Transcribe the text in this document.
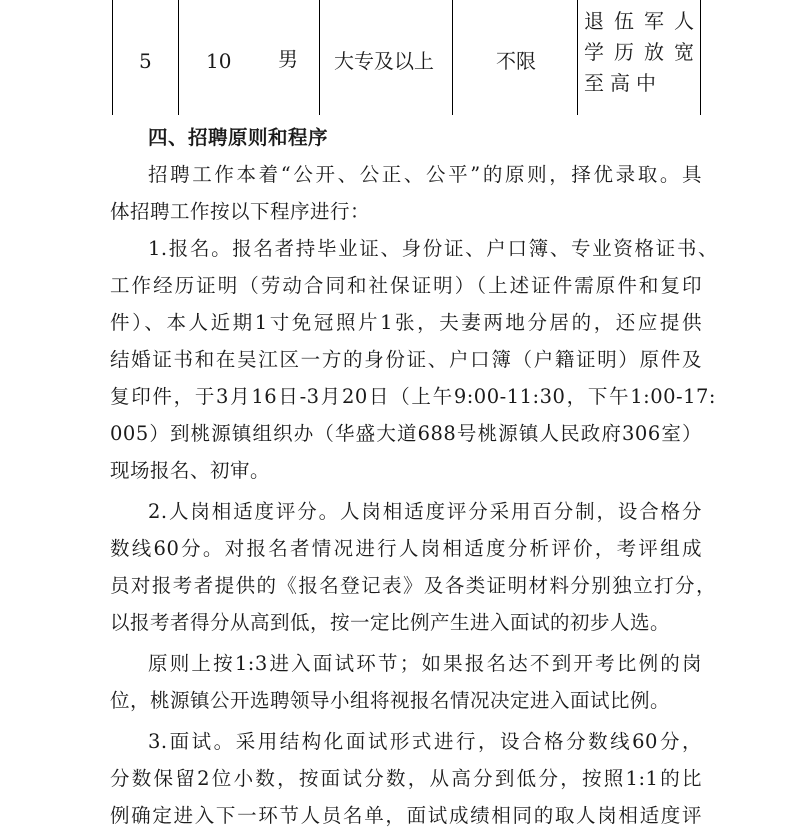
5	10 男 大专及以上	不限
退伍军人
学历放宽
至高中
四、招聘原则和程序
招聘工作本着“公开、公正、公平”的原则，择优录取。具
体招聘工作按以下程序进行：
1.报名。报名者持毕业证、身份证、户口簿、专业资格证书、
工作经历证明（劳动合同和社保证明）（上述证件需原件和复印
件）、本人近期1寸免冠照片1张，夫妻两地分居的，还应提供
结婚证书和在吴江区一方的身份证、户口簿（户籍证明）原件及
复印件，于3月16日-3月20日（上午9:00-11:30，下午1:00-17:
005）到桃源镇组织办（华盛大道688号桃源镇人民政府306室）
现场报名、初审。
2.人岗相适度评分。人岗相适度评分采用百分制，设合格分
数线60分。对报名者情况进行人岗相适度分析评价，考评组成
员对报考者提供的《报名登记表》及各类证明材料分别独立打分，
以报考者得分从高到低，按一定比例产生进入面试的初步人选。
原则上按1:3进入面试环节；如果报名达不到开考比例的岗
位，桃源镇公开选聘领导小组将视报名情况决定进入面试比例。
3.面试。采用结构化面试形式进行，设合格分数线60分，
分数保留2位小数，按面试分数，从高分到低分，按照1:1的比
例确定进入下一环节人员名单，面试成绩相同的取人岗相适度评
